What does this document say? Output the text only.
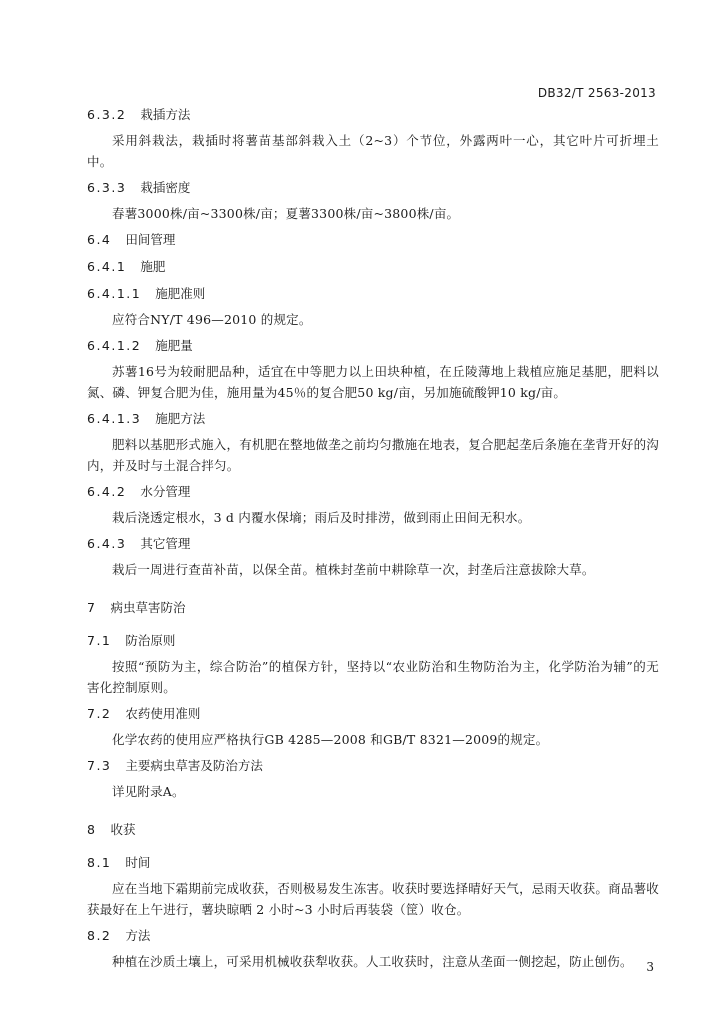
DB32/T 2563-2013
6.3.2 栽插方法

采用斜栽法，栽插时将薯苗基部斜栽入土（2~3）个节位，外露两叶一心，其它叶片可折埋土中。

6.3.3 栽插密度

春薯3000株/亩~3300株/亩；夏薯3300株/亩~3800株/亩。

6.4 田间管理
6.4.1 施肥
6.4.1.1 施肥准则

应符合NY/T 496—2010 的规定。

6.4.1.2 施肥量

苏薯16号为较耐肥品种，适宜在中等肥力以上田块种植，在丘陵薄地上栽植应施足基肥，肥料以氮、磷、钾复合肥为佳，施用量为45％的复合肥50 kg/亩，另加施硫酸钾10 kg/亩。

6.4.1.3 施肥方法

肥料以基肥形式施入，有机肥在整地做垄之前均匀撒施在地表，复合肥起垄后条施在垄背开好的沟内，并及时与土混合拌匀。

6.4.2 水分管理

栽后浇透定根水，3 d 内覆水保墒；雨后及时排涝，做到雨止田间无积水。

6.4.3 其它管理

栽后一周进行查苗补苗，以保全苗。植株封垄前中耕除草一次，封垄后注意拔除大草。

7 病虫草害防治
7.1 防治原则

按照“预防为主，综合防治”的植保方针，坚持以“农业防治和生物防治为主，化学防治为辅”的无害化控制原则。

7.2 农药使用准则

化学农药的使用应严格执行GB 4285—2008 和GB/T 8321—2009的规定。

7.3 主要病虫草害及防治方法

详见附录A。

8 收获
8.1 时间

应在当地下霜期前完成收获，否则极易发生冻害。收获时要选择晴好天气，忌雨天收获。商品薯收获最好在上午进行，薯块晾晒 2 小时~3 小时后再装袋（筐）收仓。

8.2 方法

种植在沙质土壤上，可采用机械收获犁收获。人工收获时，注意从垄面一侧挖起，防止刨伤。	3
